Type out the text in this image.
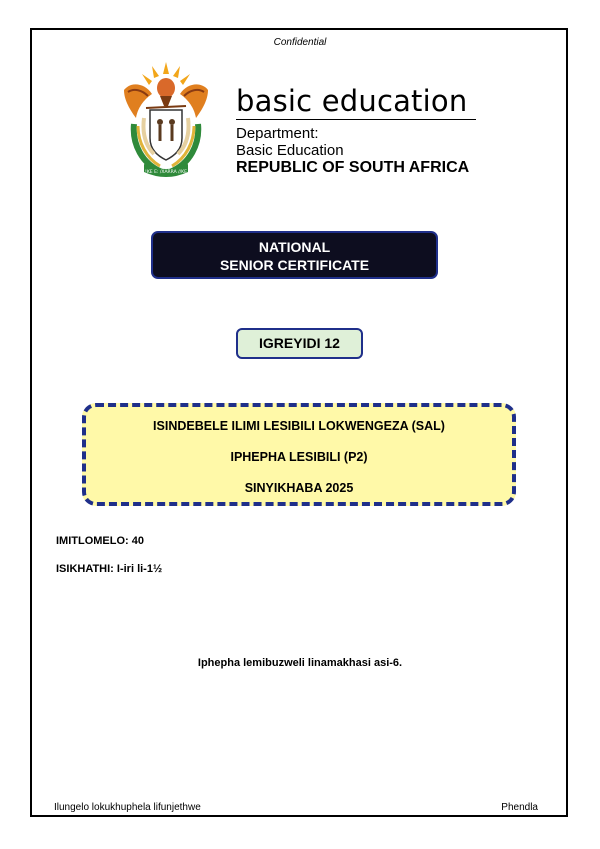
Confidential
!KE E: /XARRA //KE
basic education
Department:
Basic Education
REPUBLIC OF SOUTH AFRICA
NATIONAL
SENIOR CERTIFICATE
IGREYIDI 12
ISINDEBELE ILIMI LESIBILI LOKWENGEZA (SAL)
IPHEPHA LESIBILI (P2)
SINYIKHABA 2025
IMITLOMELO: 40
ISIKHATHI: I-iri li-1½
Iphepha lemibuzweli linamakhasi asi-6.
Ilungelo lokukhuphela lifunjethwe	Phendla
